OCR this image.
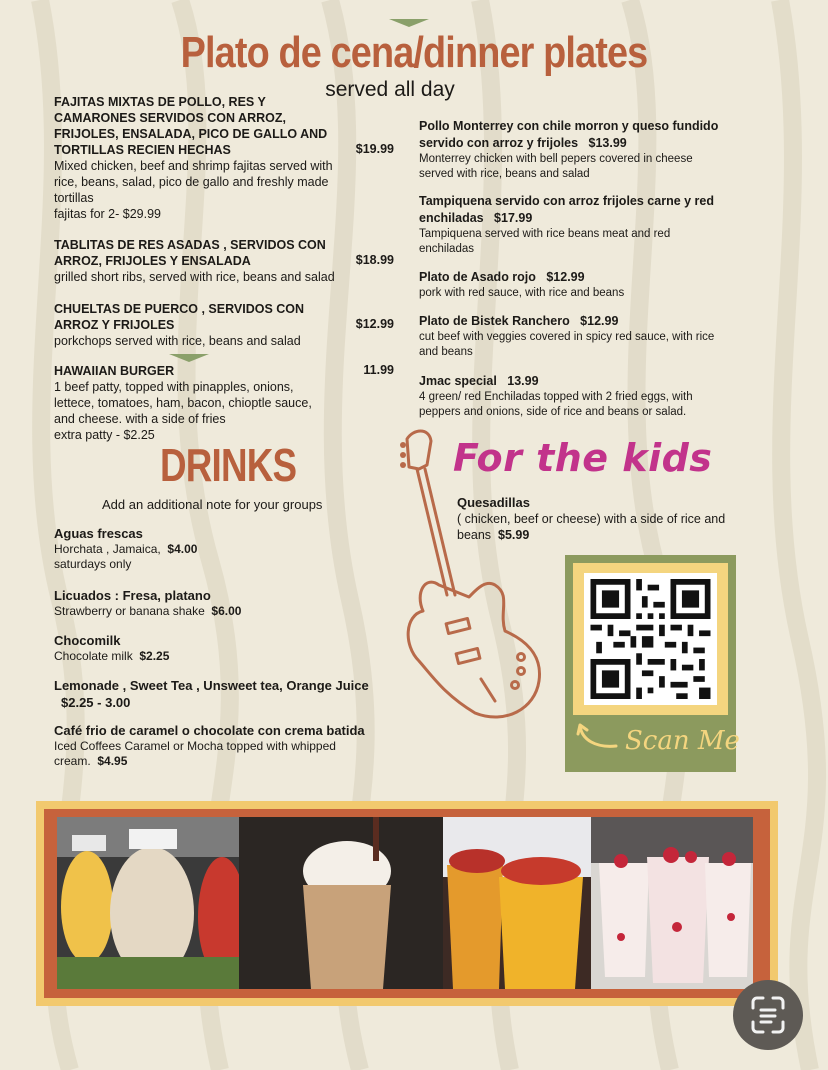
Plato de cena/dinner plates
served all day
FAJITAS MIXTAS DE POLLO, RES Y
CAMARONES SERVIDOS CON ARROZ,
FRIJOLES, ENSALADA, PICO DE GALLO AND
TORTILLAS RECIEN HECHAS	$19.99
Mixed chicken, beef and shrimp fajitas served with
rice, beans, salad, pico de gallo and freshly made
tortillas
fajitas for 2- $29.99
TABLITAS DE RES ASADAS , SERVIDOS CON
ARROZ, FRIJOLES Y ENSALADA	$18.99
grilled short ribs, served with rice, beans and salad
CHUELTAS DE PUERCO , SERVIDOS CON
ARROZ Y FRIJOLES	$12.99
porkchops served with rice, beans and salad
HAWAIIAN BURGER	11.99
1 beef patty, topped with pinapples, onions,
lettece, tomatoes, ham, bacon, chioptle sauce,
and cheese. with a side of fries
extra patty - $2.25
Pollo Monterrey con chile morron y queso fundido
servido con arroz y frijoles $13.99
Monterrey chicken with bell pepers covered in cheese
served with rice, beans and salad
Tampiquena servido con arroz frijoles carne y red
enchiladas $17.99
Tampiquena served with rice beans meat and red
enchiladas
Plato de Asado rojo $12.99
pork with red sauce, with rice and beans
Plato de Bistek Ranchero $12.99
cut beef with veggies covered in spicy red sauce, with rice
and beans
Jmac special 13.99
4 green/ red Enchiladas topped with 2 fried eggs, with
peppers and onions, side of rice and beans or salad.
DRINKS
Add an additional note for your groups
Aguas frescas
Horchata , Jamaica, $4.00
saturdays only
Licuados : Fresa, platano
Strawberry or banana shake $6.00
Chocomilk
Chocolate milk $2.25
Lemonade , Sweet Tea , Unsweet tea, Orange Juice
$2.25 - 3.00
Café frio de caramel o chocolate con crema batida
Iced Coffees Caramel or Mocha topped with whipped
cream. $4.95
For the kids
Quesadillas
( chicken, beef or cheese) with a side of rice and
beans $5.99
Scan Me
